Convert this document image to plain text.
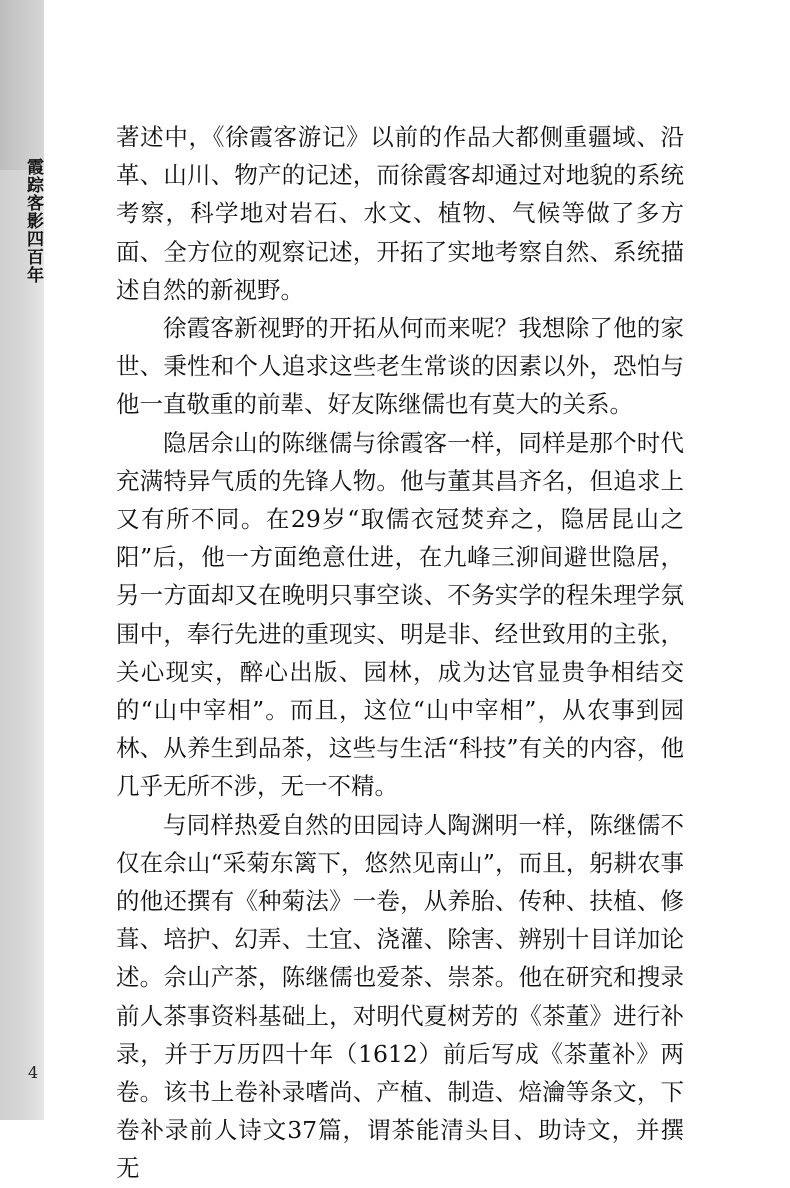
霞踪客影四百年

著述中，《徐霞客游记》以前的作品大都侧重疆域、沿革、山川、物产的记述，而徐霞客却通过对地貌的系统考察，科学地对岩石、水文、植物、气候等做了多方面、全方位的观察记述，开拓了实地考察自然、系统描述自然的新视野。

徐霞客新视野的开拓从何而来呢？我想除了他的家世、秉性和个人追求这些老生常谈的因素以外，恐怕与他一直敬重的前辈、好友陈继儒也有莫大的关系。

隐居佘山的陈继儒与徐霞客一样，同样是那个时代充满特异气质的先锋人物。他与董其昌齐名，但追求上又有所不同。在29岁“取儒衣冠焚弃之，隐居昆山之阳”后，他一方面绝意仕进，在九峰三泖间避世隐居，另一方面却又在晚明只事空谈、不务实学的程朱理学氛围中，奉行先进的重现实、明是非、经世致用的主张，关心现实，醉心出版、园林，成为达官显贵争相结交的“山中宰相”。而且，这位“山中宰相”，从农事到园林、从养生到品茶，这些与生活“科技”有关的内容，他几乎无所不涉，无一不精。

与同样热爱自然的田园诗人陶渊明一样，陈继儒不仅在佘山“采菊东篱下，悠然见南山”，而且，躬耕农事的他还撰有《种菊法》一卷，从养胎、传种、扶植、修葺、培护、幻弄、土宜、浇灌、除害、辨别十目详加论述。佘山产茶，陈继儒也爱茶、崇茶。他在研究和搜录前人茶事资料基础上，对明代夏树芳的《茶董》进行补录，并于万历四十年（1612）前后写成《茶董补》两卷。该书上卷补录嗜尚、产植、制造、焙瀹等条文，下卷补录前人诗文37篇，谓茶能清头目、助诗文，并撰无

4
